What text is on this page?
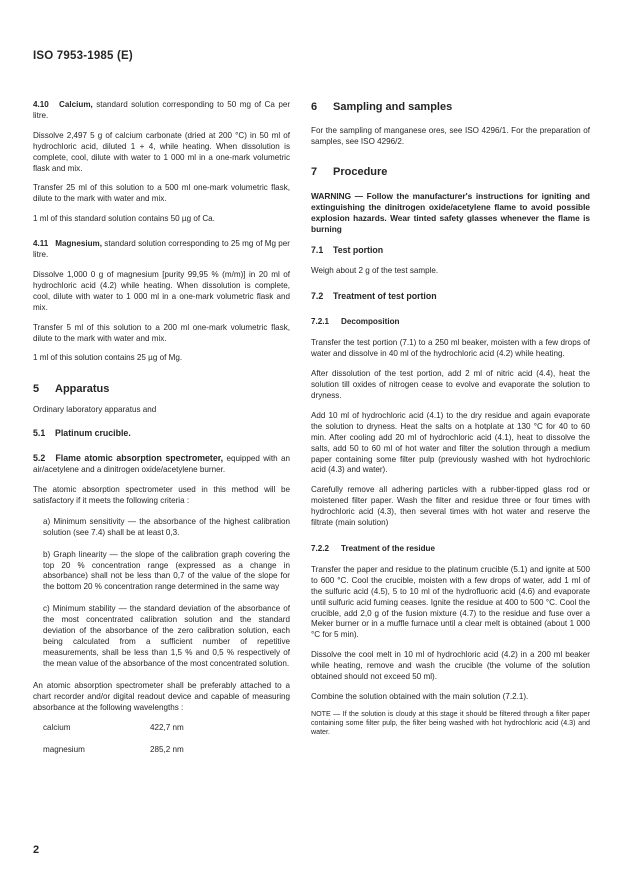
ISO 7953-1985 (E)

4.10 Calcium, standard solution corresponding to 50 mg of Ca per litre.

Dissolve 2,497 5 g of calcium carbonate (dried at 200 °C) in 50 ml of hydrochloric acid, diluted 1 + 4, while heating. When dissolution is complete, cool, dilute with water to 1 000 ml in a one-mark volumetric flask and mix.

Transfer 25 ml of this solution to a 500 ml one-mark volumetric flask, dilute to the mark with water and mix.

1 ml of this standard solution contains 50 µg of Ca.

4.11 Magnesium, standard solution corresponding to 25 mg of Mg per litre.

Dissolve 1,000 0 g of magnesium [purity 99,95 % (m/m)] in 20 ml of hydrochloric acid (4.2) while heating. When dissolution is complete, cool, dilute with water to 1 000 ml in a one-mark volumetric flask and mix.

Transfer 5 ml of this solution to a 200 ml one-mark volumetric flask, dilute to the mark with water and mix.

1 ml of this solution contains 25 µg of Mg.

5 Apparatus

Ordinary laboratory apparatus and

5.1 Platinum crucible.

5.2 Flame atomic absorption spectrometer, equipped with an air/acetylene and a dinitrogen oxide/acetylene burner.

The atomic absorption spectrometer used in this method will be satisfactory if it meets the following criteria :

a) Minimum sensitivity — the absorbance of the highest calibration solution (see 7.4) shall be at least 0,3.

b) Graph linearity — the slope of the calibration graph covering the top 20 % concentration range (expressed as a change in absorbance) shall not be less than 0,7 of the value of the slope for the bottom 20 % concentration range determined in the same way

c) Minimum stability — the standard deviation of the absorbance of the most concentrated calibration solution and the standard deviation of the absorbance of the zero calibration solution, each being calculated from a sufficient number of repetitive measurements, shall be less than 1,5 % and 0,5 % respectively of the mean value of the absorbance of the most concentrated solution.

An atomic absorption spectrometer shall be preferably attached to a chart recorder and/or digital readout device and capable of measuring absorbance at the following wavelengths :

calcium	422,7 nm
magnesium	285,2 nm
6 Sampling and samples

For the sampling of manganese ores, see ISO 4296/1. For the preparation of samples, see ISO 4296/2.

7 Procedure

WARNING — Follow the manufacturer's instructions for igniting and extinguishing the dinitrogen oxide/acetylene flame to avoid possible explosion hazards. Wear tinted safety glasses whenever the flame is burning

7.1 Test portion

Weigh about 2 g of the test sample.

7.2 Treatment of test portion
7.2.1 Decomposition

Transfer the test portion (7.1) to a 250 ml beaker, moisten with a few drops of water and dissolve in 40 ml of the hydrochloric acid (4.2) while heating.

After dissolution of the test portion, add 2 ml of nitric acid (4.4), heat the solution till oxides of nitrogen cease to evolve and evaporate the solution to dryness.

Add 10 ml of hydrochloric acid (4.1) to the dry residue and again evaporate the solution to dryness. Heat the salts on a hotplate at 130 °C for 40 to 60 min. After cooling add 20 ml of hydrochloric acid (4.1), heat to dissolve the salts, add 50 to 60 ml of hot water and filter the solution through a medium paper containing some filter pulp (previously washed with hot hydrochloric acid (4.3) and water).

Carefully remove all adhering particles with a rubber-tipped glass rod or moistened filter paper. Wash the filter and residue three or four times with hydrochloric acid (4.3), then several times with hot water and reserve the filtrate (main solution)

7.2.2 Treatment of the residue

Transfer the paper and residue to the platinum crucible (5.1) and ignite at 500 to 600 °C. Cool the crucible, moisten with a few drops of water, add 1 ml of the sulfuric acid (4.5), 5 to 10 ml of the hydrofluoric acid (4.6) and evaporate until sulfuric acid fuming ceases. Ignite the residue at 400 to 500 °C. Cool the crucible, add 2,0 g of the fusion mixture (4.7) to the residue and fuse over a Meker burner or in a muffle furnace until a clear melt is obtained (about 1 000 °C for 5 min).

Dissolve the cool melt in 10 ml of hydrochloric acid (4.2) in a 200 ml beaker while heating, remove and wash the crucible (the volume of the solution obtained should not exceed 50 ml).

Combine the solution obtained with the main solution (7.2.1).

NOTE — If the solution is cloudy at this stage it should be filtered through a filter paper containing some filter pulp, the filter being washed with hot hydrochloric acid (4.3) and water.

2
